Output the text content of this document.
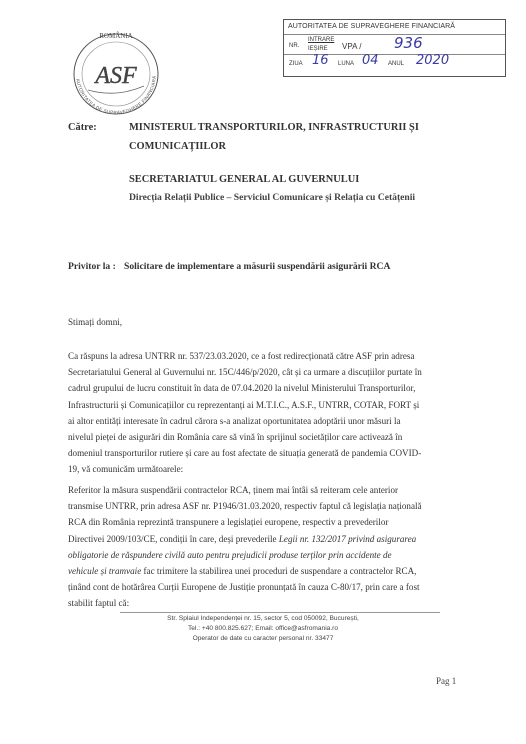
ROMÂNIA
AUTORITATEA DE SUPRAVEGHERE FINANCIARĂ
ASF
AUTORITATEA DE SUPRAVEGHERE FINANCIARĂ
NR.
INTRARE
IEȘIRE VPA / 936
ZIUA 16 LUNA 04 ANUL 2020
Către:	MINISTERUL TRANSPORTURILOR, INFRASTRUCTURII ȘI
COMUNICAȚIILOR
SECRETARIATUL GENERAL AL GUVERNULUI
Direcția Relații Publice – Serviciul Comunicare și Relația cu Cetățenii
Privitor la : Solicitare de implementare a măsurii suspendării asigurării RCA
Stimați domni,
Ca răspuns la adresa UNTRR nr. 537/23.03.2020, ce a fost redirecționată către ASF prin adresa
Secretariatului General al Guvernului nr. 15C/446/p/2020, cât și ca urmare a discuțiilor purtate în
cadrul grupului de lucru constituit în data de 07.04.2020 la nivelul Ministerului Transporturilor,
Infrastructurii și Comunicațiilor cu reprezentanți ai M.T.I.C., A.S.F., UNTRR, COTAR, FORT și
ai altor entități interesate în cadrul cărora s-a analizat oportunitatea adoptării unor măsuri la
nivelul pieței de asigurări din România care să vină în sprijinul societăților care activează în
domeniul transporturilor rutiere și care au fost afectate de situația generată de pandemia COVID-
19, vă comunicăm următoarele:
Referitor la măsura suspendării contractelor RCA, ținem mai întâi să reiteram cele anterior
transmise UNTRR, prin adresa ASF nr. P1946/31.03.2020, respectiv faptul că legislația națională
RCA din România reprezintă transpunere a legislației europene, respectiv a prevederilor
Directivei 2009/103/CE, condiții în care, deși prevederile Legii nr. 132/2017 privind asigurarea
obligatorie de răspundere civilă auto pentru prejudicii produse terților prin accidente de
vehicule și tramvaie fac trimitere la stabilirea unei proceduri de suspendare a contractelor RCA,
ținând cont de hotărârea Curții Europene de Justiție pronunțată în cauza C-80/17, prin care a fost
stabilit faptul că:
Str. Splaiul Independenței nr. 15, sector 5, cod 050092, București,
Tel.: +40 800.825.627; Email: office@asfromania.ro
Operator de date cu caracter personal nr. 33477
Pag 1
